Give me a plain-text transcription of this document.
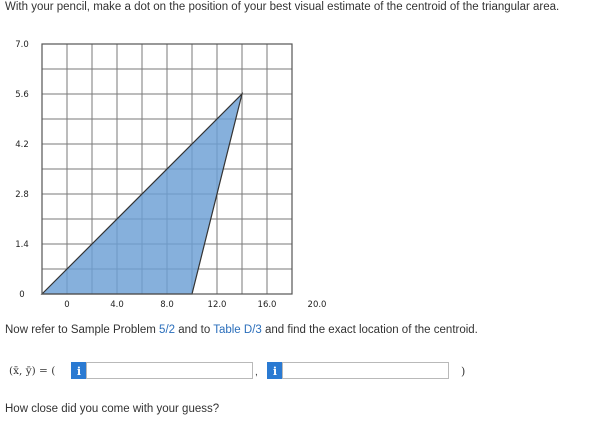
With your pencil, make a dot on the position of your best visual estimate of the centroid of the triangular area.
0
1.4
2.8
4.2
5.6
7.0
0	4.0	8.0	12.0	16.0	20.0
Now refer to Sample Problem 5/2 and to Table D/3 and find the exact location of the centroid.
(x̄, ȳ) = (	i	,	i	)
How close did you come with your guess?
